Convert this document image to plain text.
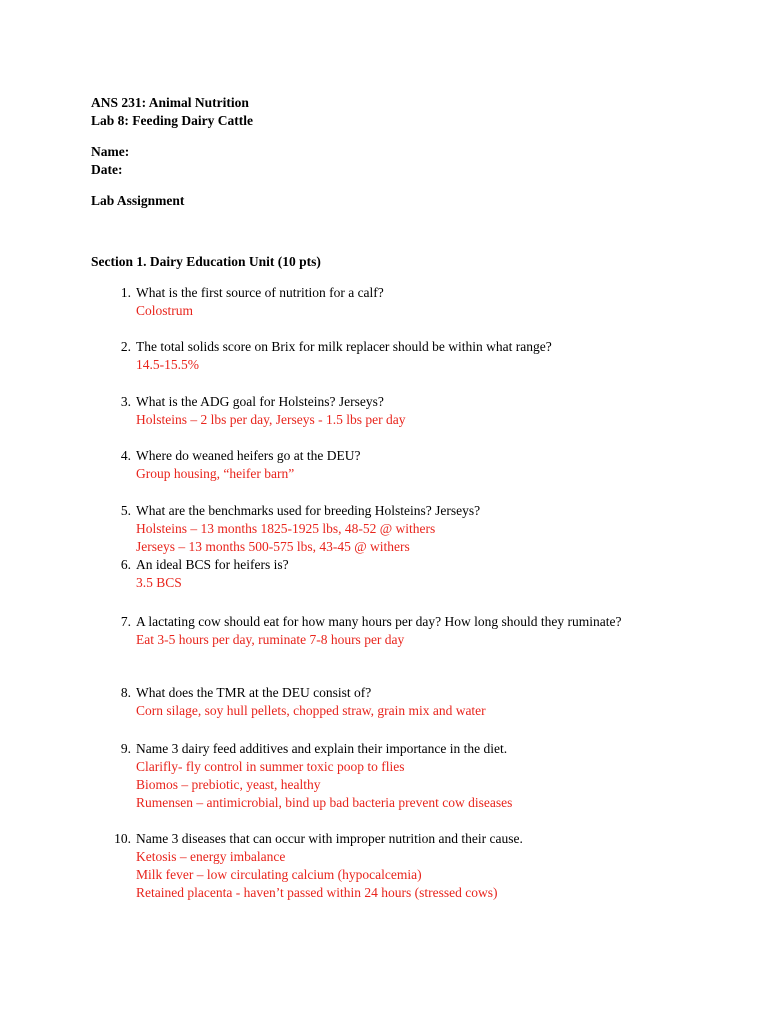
ANS 231: Animal Nutrition
Lab 8: Feeding Dairy Cattle
Name:
Date:
Lab Assignment
Section 1. Dairy Education Unit (10 pts)
1. What is the first source of nutrition for a calf?
Colostrum
2. The total solids score on Brix for milk replacer should be within what range?
14.5-15.5%
3. What is the ADG goal for Holsteins? Jerseys?
Holsteins – 2 lbs per day, Jerseys - 1.5 lbs per day
4. Where do weaned heifers go at the DEU?
Group housing, “heifer barn”
5. What are the benchmarks used for breeding Holsteins? Jerseys?
Holsteins – 13 months 1825-1925 lbs, 48-52 @ withers
Jerseys – 13 months 500-575 lbs, 43-45 @ withers
6. An ideal BCS for heifers is?
3.5 BCS
7. A lactating cow should eat for how many hours per day? How long should they ruminate?
Eat 3-5 hours per day, ruminate 7-8 hours per day
8. What does the TMR at the DEU consist of?
Corn silage, soy hull pellets, chopped straw, grain mix and water
9. Name 3 dairy feed additives and explain their importance in the diet.
Clarifly- fly control in summer toxic poop to flies
Biomos – prebiotic, yeast, healthy
Rumensen – antimicrobial, bind up bad bacteria prevent cow diseases
10. Name 3 diseases that can occur with improper nutrition and their cause.
Ketosis – energy imbalance
Milk fever – low circulating calcium (hypocalcemia)
Retained placenta - haven’t passed within 24 hours (stressed cows)
